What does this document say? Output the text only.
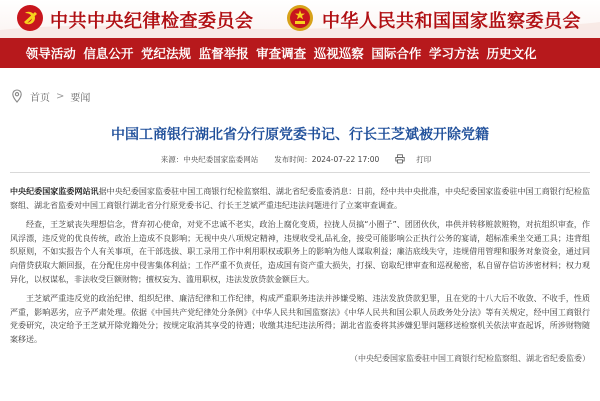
中共中央纪律检查委员会	中华人民共和国国家监察委员会
领导活动 信息公开 党纪法规 监督举报 审查调查 巡视巡察 国际合作 学习方法 历史文化
首页 > 要闻
中国工商银行湖北省分行原党委书记、行长王芝斌被开除党籍
来源：中央纪委国家监委网站 发布时间：2024-07-22 17:00	打印

中央纪委国家监委网站讯据中央纪委国家监委驻中国工商银行纪检监察组、湖北省纪委监委消息：日前，经中共中央批准，中央纪委国家监委驻中国工商银行纪检监察组、湖北省监委对中国工商银行湖北省分行原党委书记、行长王芝斌严重违纪违法问题进行了立案审查调查。

经查，王芝斌丧失理想信念，背弃初心使命，对党不忠诚不老实，政治上腐化变质，拉拢人员搞“小圈子”、团团伙伙，串供并转移赃款赃物，对抗组织审查，作风浮漂，违反党的优良传统，政治上造成不良影响；无视中央八项规定精神，违规收受礼品礼金，接受可能影响公正执行公务的宴请，超标准乘坐交通工具；违背组织原则，不如实报告个人有关事项，在干部选拔、职工录用工作中利用职权或职务上的影响为他人谋取利益；廉洁底线失守，违规借用管理和服务对象资金，通过同向借贷获取大额回报，在分配住房中侵害集体利益；工作严重不负责任，造成国有资产重大损失，打探、窃取纪律审查和巡视秘密，私自留存信访涉密材料；权力观异化，以权谋私，非法收受巨额财物；擅权妄为、滥用职权，违法发放贷款金额巨大。

王芝斌严重违反党的政治纪律、组织纪律、廉洁纪律和工作纪律，构成严重职务违法并涉嫌受贿、违法发放贷款犯罪，且在党的十八大后不收敛、不收手，性质严重，影响恶劣，应予严肃处理。依据《中国共产党纪律处分条例》《中华人民共和国监察法》《中华人民共和国公职人员政务处分法》等有关规定，经中国工商银行党委研究，决定给予王芝斌开除党籍处分；按规定取消其享受的待遇；收缴其违纪违法所得；湖北省监委将其涉嫌犯罪问题移送检察机关依法审查起诉，所涉财物随案移送。

（中央纪委国家监委驻中国工商银行纪检监察组、湖北省纪委监委）
